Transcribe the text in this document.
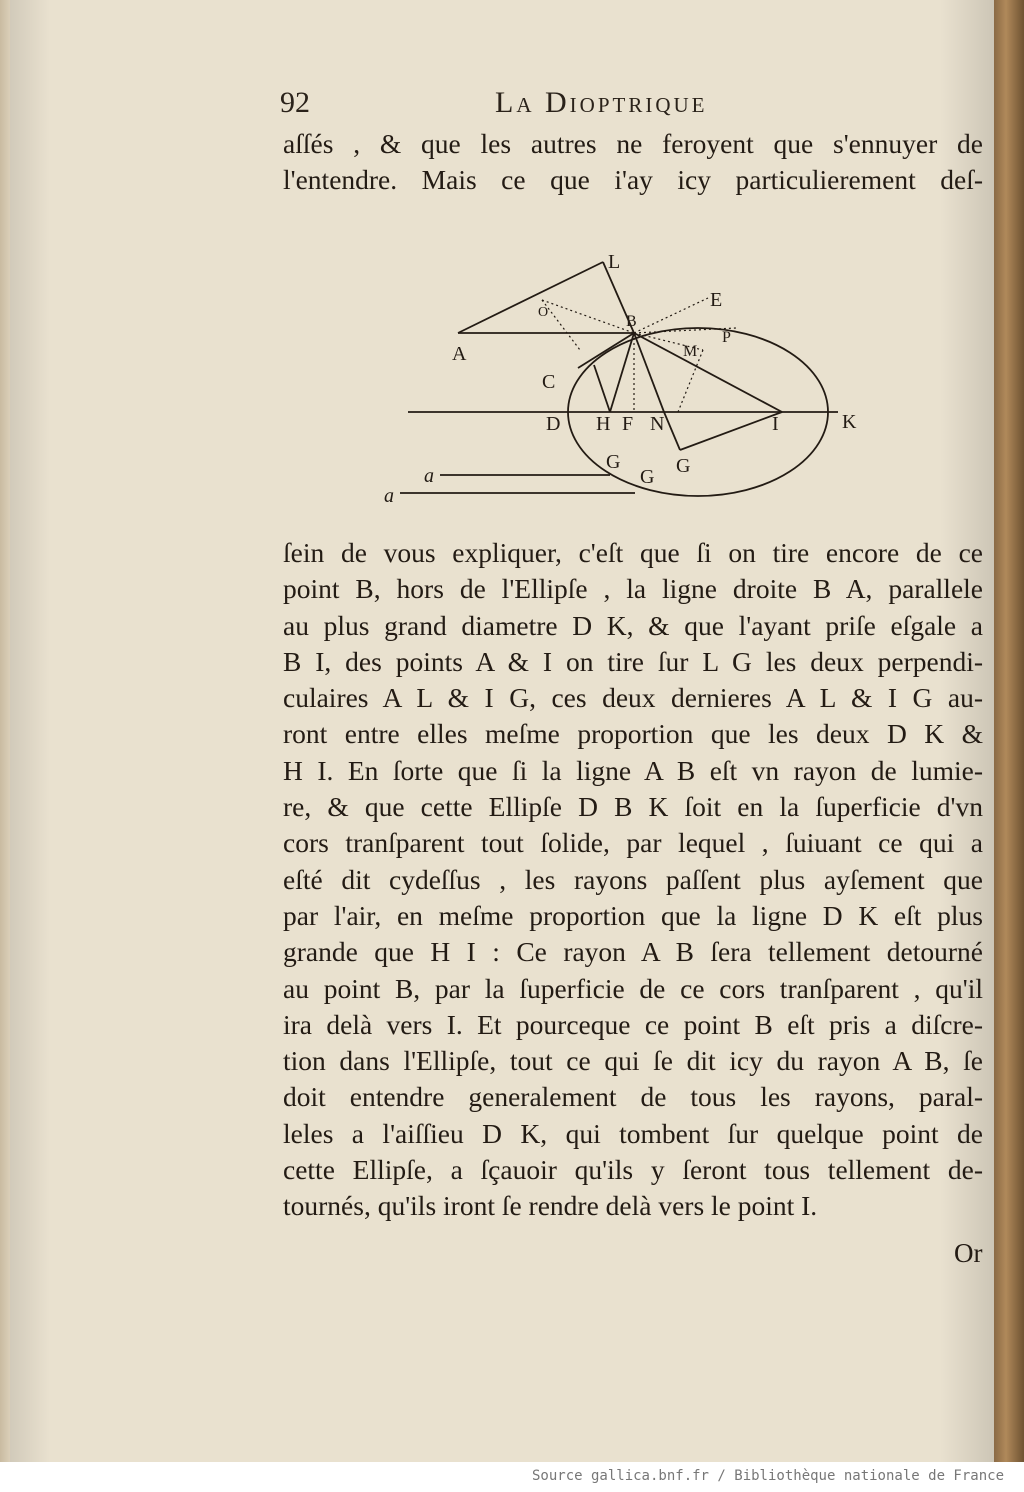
92	La Dioptrique
aſſés , & que les autres ne feroyent que s'ennuyer de
l'entendre. Mais ce que i'ay icy particulierement deſ-
L
E
O
B
P
M
A
C
D H F N	I	K
G
G
G
a
a
ſein de vous expliquer, c'eſt que ſi on tire encore de ce
point B, hors de l'Ellipſe , la ligne droite B A, parallele
au plus grand diametre D K, & que l'ayant priſe eſgale a
B I, des points A & I on tire ſur L G les deux perpendi-
culaires A L & I G, ces deux dernieres A L & I G au-
ront entre elles meſme proportion que les deux D K &
H I. En ſorte que ſi la ligne A B eſt vn rayon de lumie-
re, & que cette Ellipſe D B K ſoit en la ſuperficie d'vn
cors tranſparent tout ſolide, par lequel , ſuiuant ce qui a
eſté dit cydeſſus , les rayons paſſent plus ayſement que
par l'air, en meſme proportion que la ligne D K eſt plus
grande que H I : Ce rayon A B ſera tellement detourné
au point B, par la ſuperficie de ce cors tranſparent , qu'il
ira delà vers I. Et pourceque ce point B eſt pris a diſcre-
tion dans l'Ellipſe, tout ce qui ſe dit icy du rayon A B, ſe
doit entendre generalement de tous les rayons, paral-
leles a l'aiſſieu D K, qui tombent ſur quelque point de
cette Ellipſe, a ſçauoir qu'ils y ſeront tous tellement de-
tournés, qu'ils iront ſe rendre delà vers le point I.
Or
Source gallica.bnf.fr / Bibliothèque nationale de France
